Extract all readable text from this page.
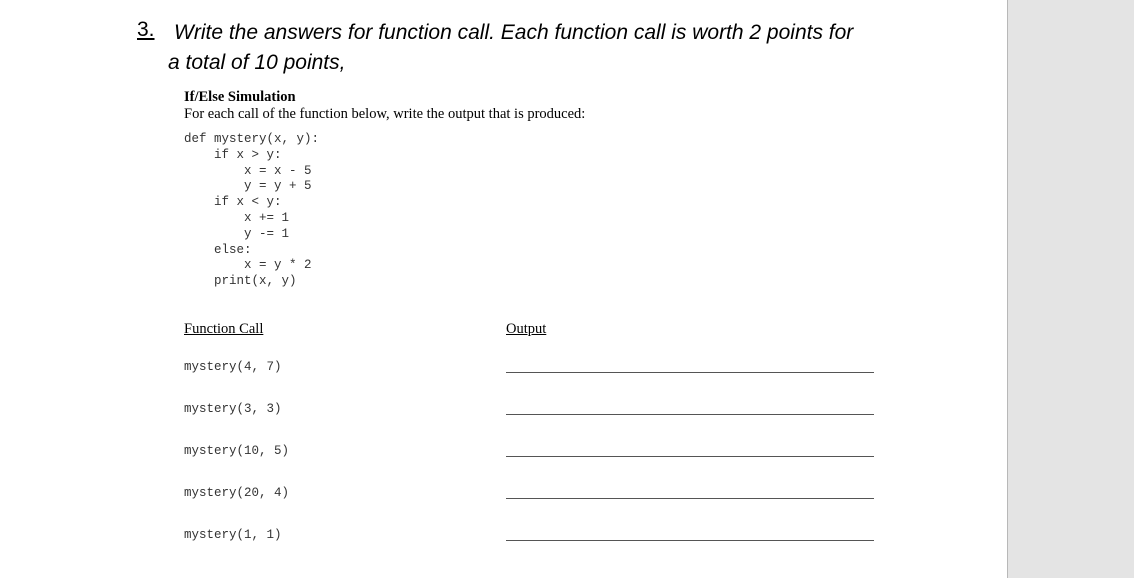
3. Write the answers for function call. Each function call is worth 2 points for
a total of 10 points,
If/Else Simulation
For each call of the function below, write the output that is produced:
def mystery(x, y):
if x > y:
x = x - 5
y = y + 5
if x < y:
x += 1
y -= 1
else:
x = y * 2
print(x, y)
Function Call	Output
mystery(4, 7)
mystery(3, 3)
mystery(10, 5)
mystery(20, 4)
mystery(1, 1)
